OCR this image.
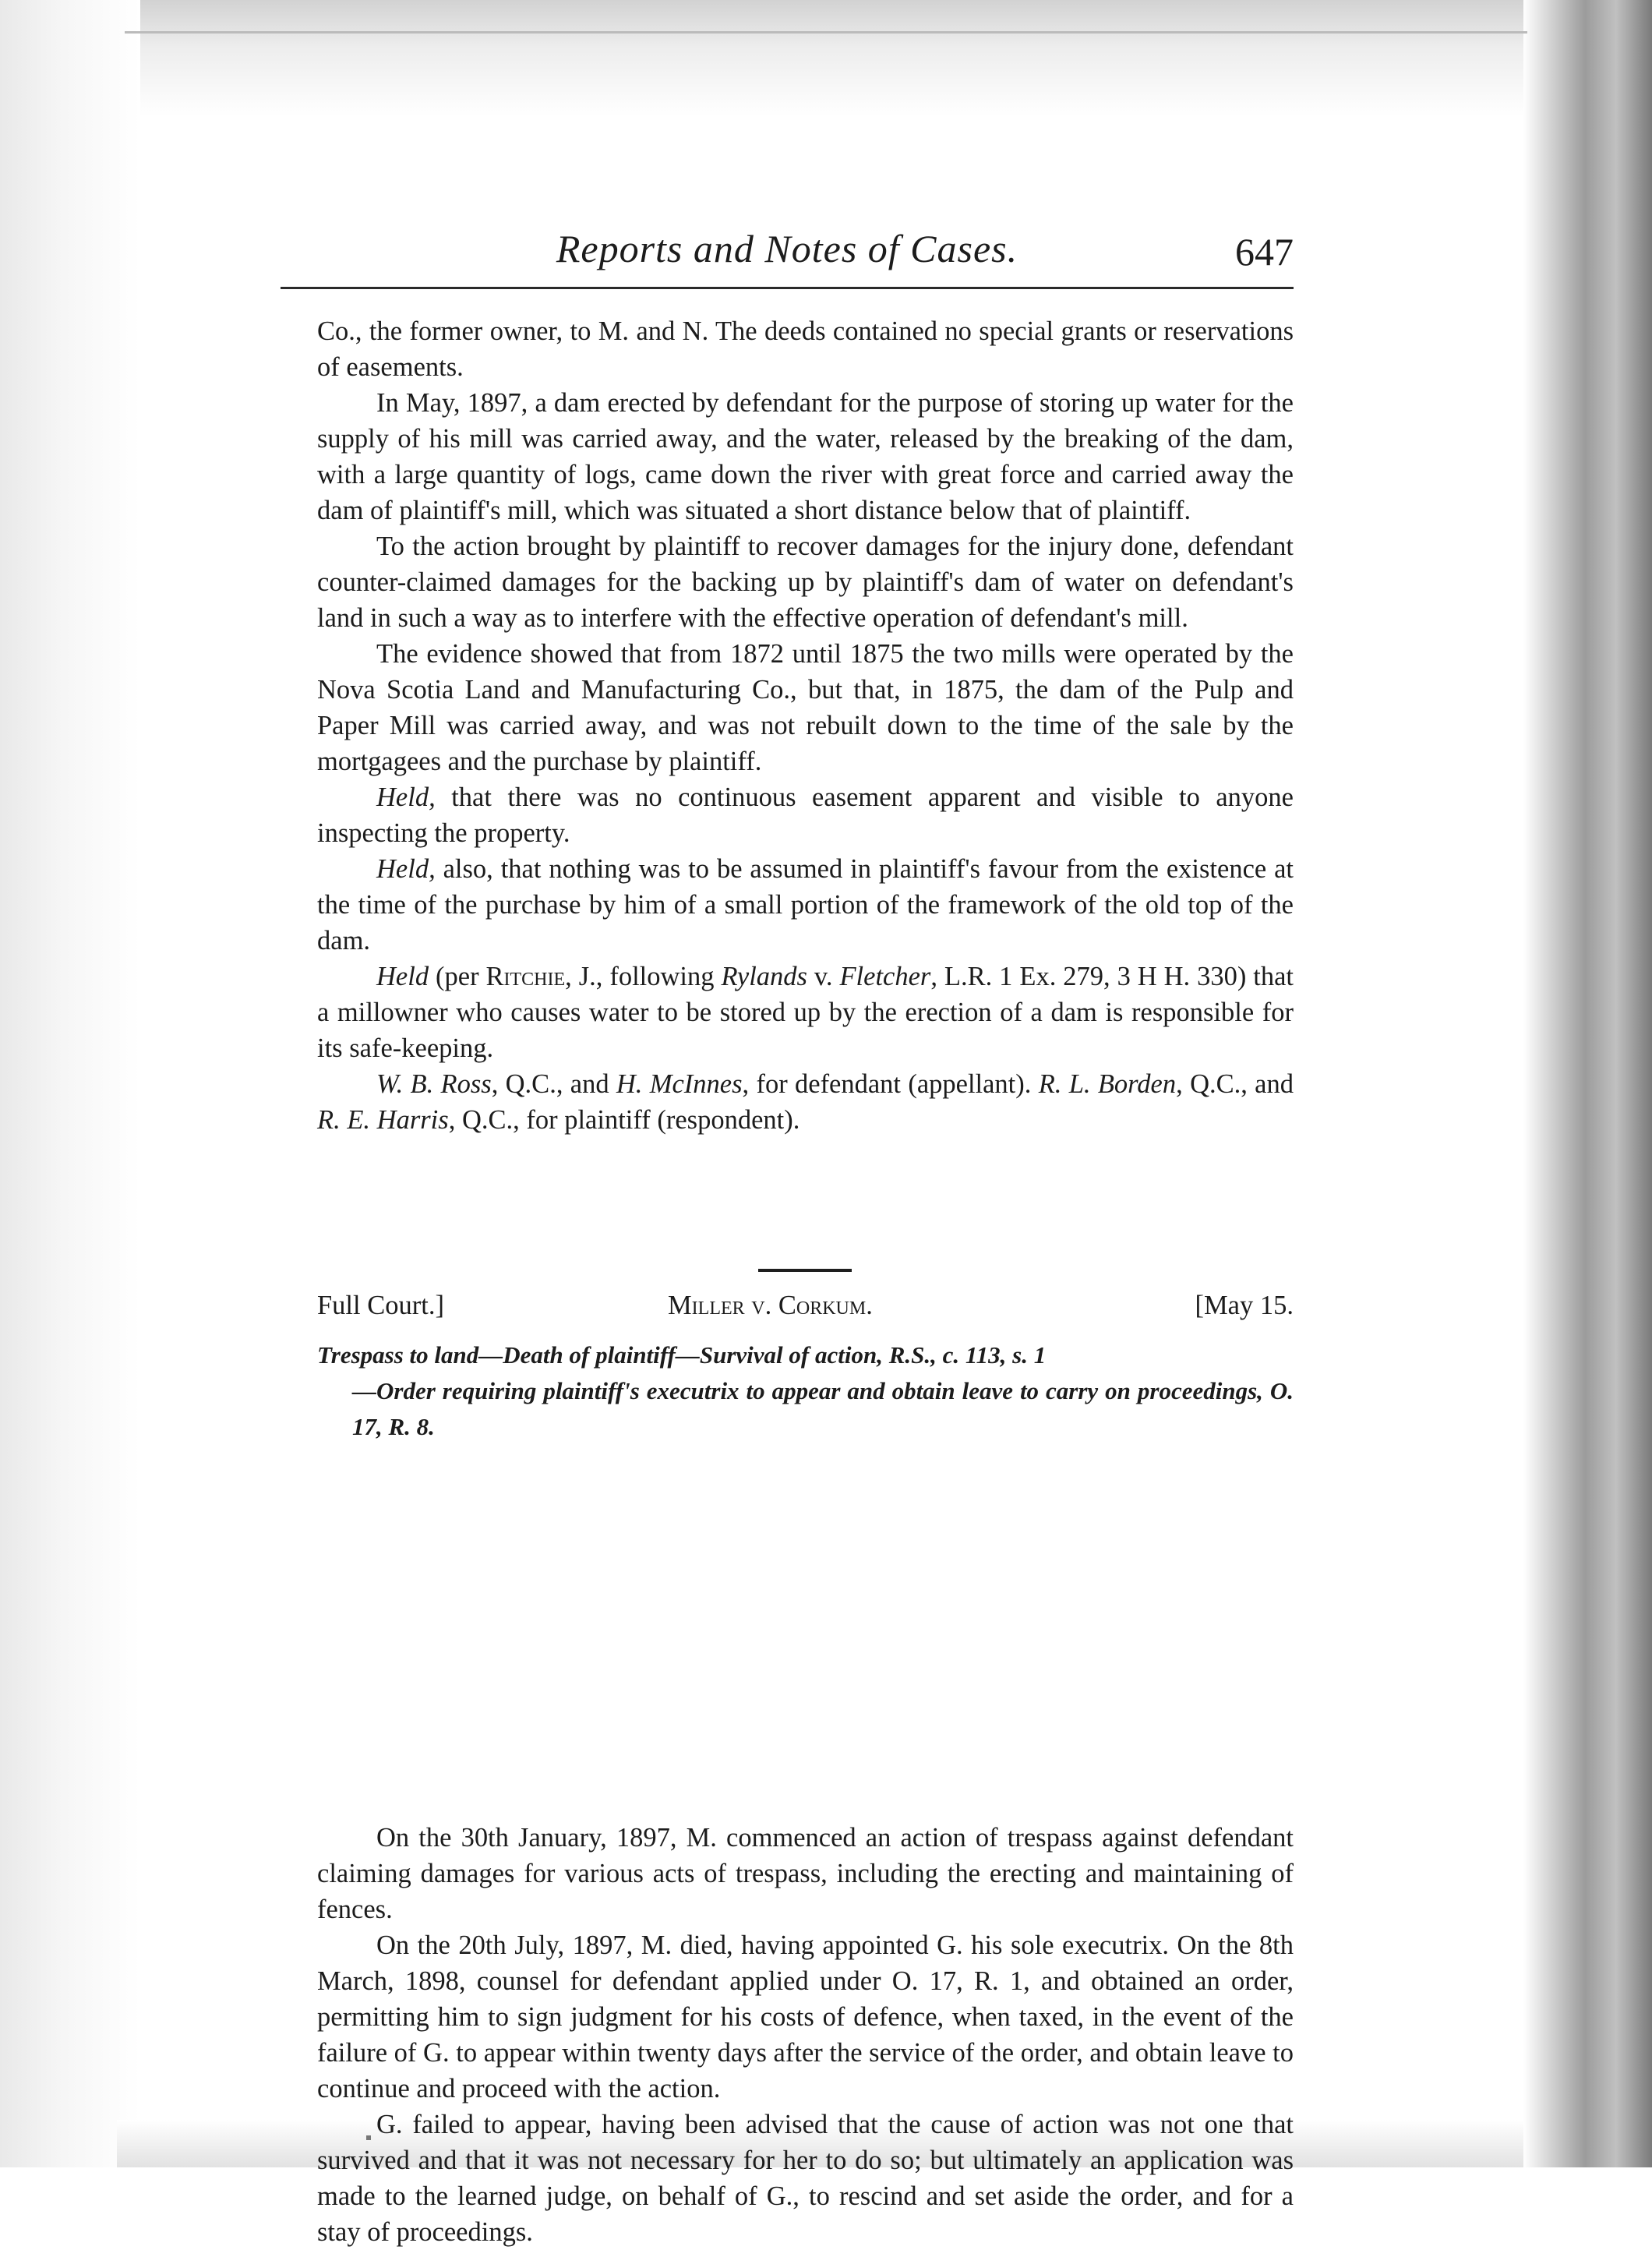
Reports and Notes of Cases.	647

Co., the former owner, to M. and N. The deeds contained no special grants or reservations of easements.

In May, 1897, a dam erected by defendant for the purpose of storing up water for the supply of his mill was carried away, and the water, released by the breaking of the dam, with a large quantity of logs, came down the river with great force and carried away the dam of plaintiff's mill, which was situated a short distance below that of plaintiff.

To the action brought by plaintiff to recover damages for the injury done, defendant counter-claimed damages for the backing up by plaintiff's dam of water on defendant's land in such a way as to interfere with the effective operation of defendant's mill.

The evidence showed that from 1872 until 1875 the two mills were operated by the Nova Scotia Land and Manufacturing Co., but that, in 1875, the dam of the Pulp and Paper Mill was carried away, and was not rebuilt down to the time of the sale by the mortgagees and the purchase by plaintiff.

Held, that there was no continuous easement apparent and visible to anyone inspecting the property.

Held, also, that nothing was to be assumed in plaintiff's favour from the existence at the time of the purchase by him of a small portion of the framework of the old top of the dam.

Held (per Ritchie, J., following Rylands v. Fletcher, L.R. 1 Ex. 279, 3 H H. 330) that a millowner who causes water to be stored up by the erection of a dam is responsible for its safe-keeping.

W. B. Ross, Q.C., and H. McInnes, for defendant (appellant). R. L. Borden, Q.C., and R. E. Harris, Q.C., for plaintiff (respondent).

Full Court.]	Miller v. Corkum.	[May 15.
Trespass to land—Death of plaintiff—Survival of action, R.S., c. 113, s. 1
—Order requiring plaintiff's executrix to appear and obtain leave to carry on proceedings, O. 17, R. 8.

On the 30th January, 1897, M. commenced an action of trespass against defendant claiming damages for various acts of trespass, including the erecting and maintaining of fences.

On the 20th July, 1897, M. died, having appointed G. his sole executrix. On the 8th March, 1898, counsel for defendant applied under O. 17, R. 1, and obtained an order, permitting him to sign judgment for his costs of defence, when taxed, in the event of the failure of G. to appear within twenty days after the service of the order, and obtain leave to continue and proceed with the action.

G. failed to appear, having been advised that the cause of action was not one that survived and that it was not necessary for her to do so; but ultimately an application was made to the learned judge, on behalf of G., to rescind and set aside the order, and for a stay of proceedings.
